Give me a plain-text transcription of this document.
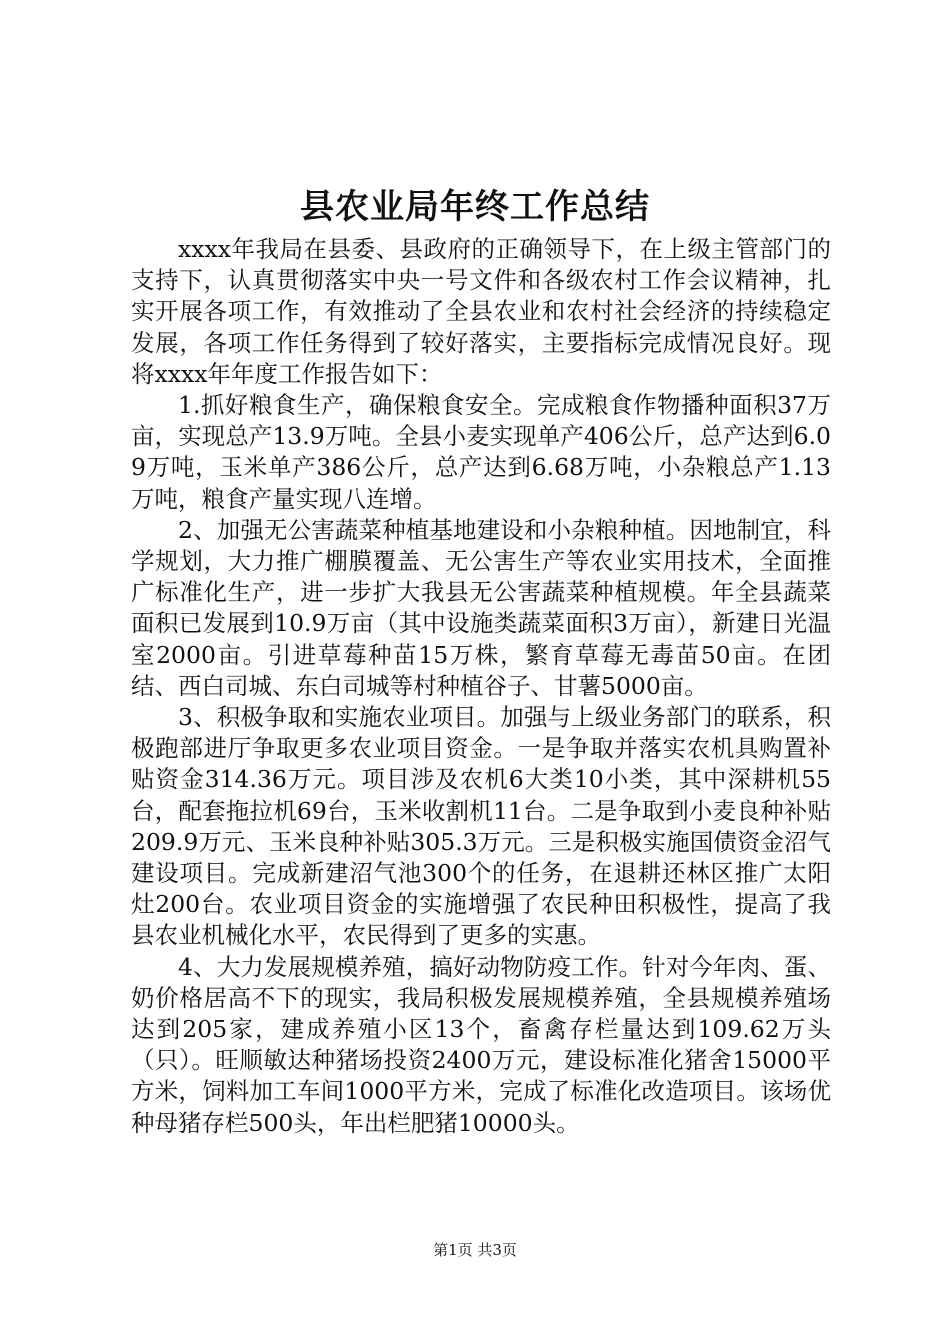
县农业局年终工作总结

xxxx年我局在县委、县政府的正确领导下，在上级主管部门的支持下，认真贯彻落实中央一号文件和各级农村工作会议精神，扎实开展各项工作，有效推动了全县农业和农村社会经济的持续稳定发展，各项工作任务得到了较好落实，主要指标完成情况良好。现将xxxx年年度工作报告如下：

1.抓好粮食生产，确保粮食安全。完成粮食作物播种面积37万亩，实现总产13.9万吨。全县小麦实现单产406公斤，总产达到6.09万吨，玉米单产386公斤，总产达到6.68万吨，小杂粮总产1.13万吨，粮食产量实现八连增。

2、加强无公害蔬菜种植基地建设和小杂粮种植。因地制宜，科学规划，大力推广棚膜覆盖、无公害生产等农业实用技术，全面推广标准化生产，进一步扩大我县无公害蔬菜种植规模。年全县蔬菜面积已发展到10.9万亩（其中设施类蔬菜面积3万亩），新建日光温室2000亩。引进草莓种苗15万株，繁育草莓无毒苗50亩。在团结、西白司城、东白司城等村种植谷子、甘薯5000亩。

3、积极争取和实施农业项目。加强与上级业务部门的联系，积极跑部进厅争取更多农业项目资金。一是争取并落实农机具购置补贴资金314.36万元。项目涉及农机6大类10小类，其中深耕机55台，配套拖拉机69台，玉米收割机11台。二是争取到小麦良种补贴209.9万元、玉米良种补贴305.3万元。三是积极实施国债资金沼气建设项目。完成新建沼气池300个的任务，在退耕还林区推广太阳灶200台。农业项目资金的实施增强了农民种田积极性，提高了我县农业机械化水平，农民得到了更多的实惠。

4、大力发展规模养殖，搞好动物防疫工作。针对今年肉、蛋、奶价格居高不下的现实，我局积极发展规模养殖，全县规模养殖场达到205家，建成养殖小区13个，畜禽存栏量达到109.62万头（只）。旺顺敏达种猪场投资2400万元，建设标准化猪舍15000平方米，饲料加工车间1000平方米，完成了标准化改造项目。该场优种母猪存栏500头，年出栏肥猪10000头。

第1页 共3页
